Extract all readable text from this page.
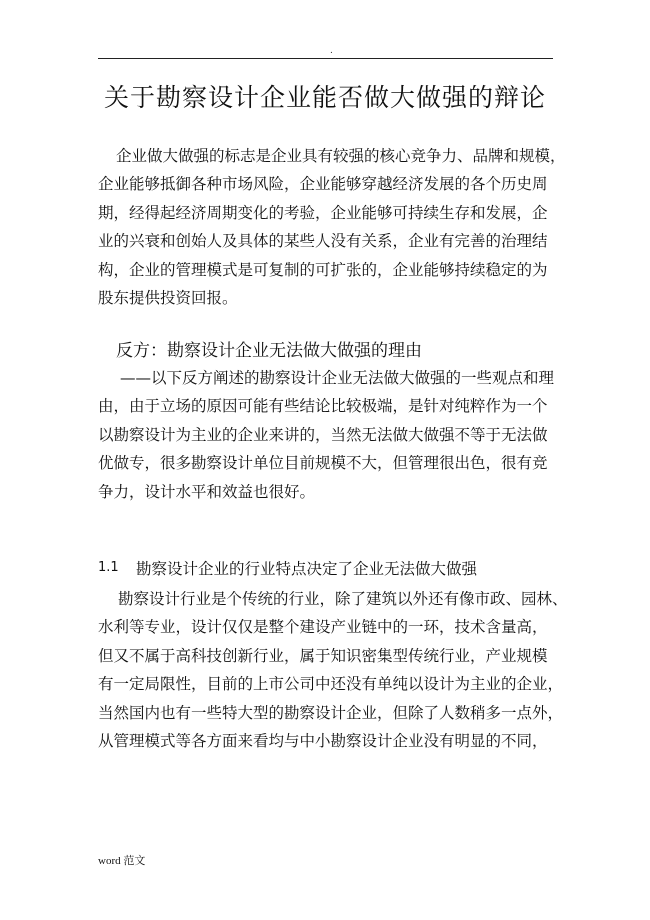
.
关于勘察设计企业能否做大做强的辩论
企业做大做强的标志是企业具有较强的核心竞争力、品牌和规模，
企业能够抵御各种市场风险，企业能够穿越经济发展的各个历史周
期，经得起经济周期变化的考验，企业能够可持续生存和发展，企
业的兴衰和创始人及具体的某些人没有关系，企业有完善的治理结
构，企业的管理模式是可复制的可扩张的，企业能够持续稳定的为
股东提供投资回报。
反方：勘察设计企业无法做大做强的理由
——以下反方阐述的勘察设计企业无法做大做强的一些观点和理
由，由于立场的原因可能有些结论比较极端，是针对纯粹作为一个
以勘察设计为主业的企业来讲的，当然无法做大做强不等于无法做
优做专，很多勘察设计单位目前规模不大，但管理很出色，很有竞
争力，设计水平和效益也很好。
1.1 勘察设计企业的行业特点决定了企业无法做大做强
勘察设计行业是个传统的行业，除了建筑以外还有像市政、园林、
水利等专业，设计仅仅是整个建设产业链中的一环，技术含量高，
但又不属于高科技创新行业，属于知识密集型传统行业，产业规模
有一定局限性，目前的上市公司中还没有单纯以设计为主业的企业，
当然国内也有一些特大型的勘察设计企业，但除了人数稍多一点外，
从管理模式等各方面来看均与中小勘察设计企业没有明显的不同，
word 范文
